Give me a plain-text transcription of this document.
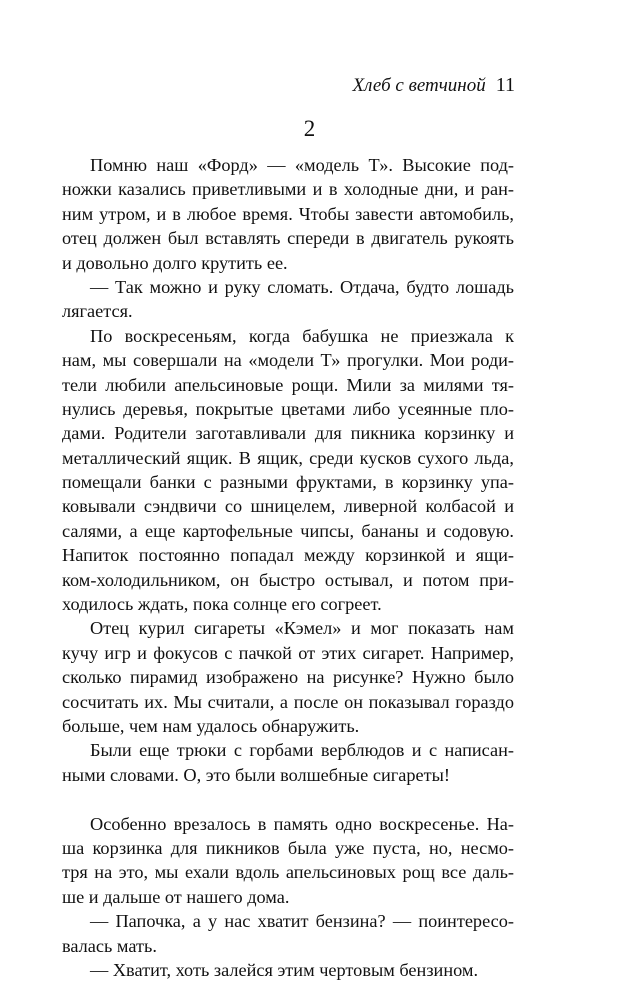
Хлеб с ветчиной 11
2
Помню наш «Форд» — «модель Т». Высокие под-
ножки казались приветливыми и в холодные дни, и ран-
ним утром, и в любое время. Чтобы завести автомобиль,
отец должен был вставлять спереди в двигатель рукоять
и довольно долго крутить ее.
— Так можно и руку сломать. Отдача, будто лошадь
лягается.
По воскресеньям, когда бабушка не приезжала к
нам, мы совершали на «модели Т» прогулки. Мои роди-
тели любили апельсиновые рощи. Мили за милями тя-
нулись деревья, покрытые цветами либо усеянные пло-
дами. Родители заготавливали для пикника корзинку и
металлический ящик. В ящик, среди кусков сухого льда,
помещали банки с разными фруктами, в корзинку упа-
ковывали сэндвичи со шницелем, ливерной колбасой и
салями, а еще картофельные чипсы, бананы и содовую.
Напиток постоянно попадал между корзинкой и ящи-
ком-холодильником, он быстро остывал, и потом при-
ходилось ждать, пока солнце его согреет.
Отец курил сигареты «Кэмел» и мог показать нам
кучу игр и фокусов с пачкой от этих сигарет. Например,
сколько пирамид изображено на рисунке? Нужно было
сосчитать их. Мы считали, а после он показывал гораздо
больше, чем нам удалось обнаружить.
Были еще трюки с горбами верблюдов и с написан-
ными словами. О, это были волшебные сигареты!
Особенно врезалось в память одно воскресенье. На-
ша корзинка для пикников была уже пуста, но, несмо-
тря на это, мы ехали вдоль апельсиновых рощ все даль-
ше и дальше от нашего дома.
— Папочка, а у нас хватит бензина? — поинтересо-
валась мать.
— Хватит, хоть залейся этим чертовым бензином.
